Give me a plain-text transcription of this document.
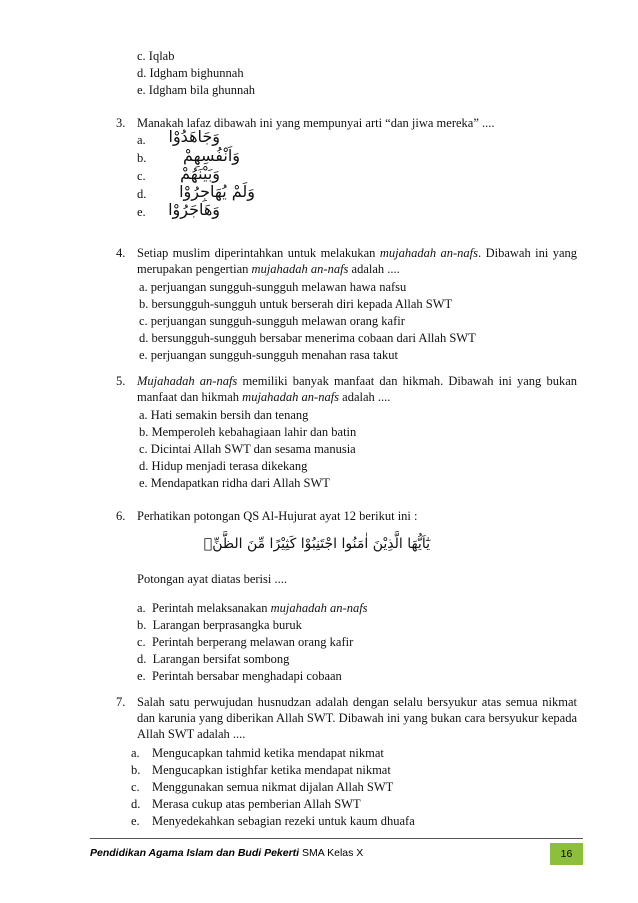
c. Iqlab
d. Idgham bighunnah
e. Idgham bila ghunnah
3. Manakah lafaz dibawah ini yang mempunyai arti “dan jiwa mereka” ....
a.	وَجَاهَدُوْا
b.	وَاَنْفُسِهِمْ
c.	وَبَيْنَهُمْ
d.	وَلَمْ يُهَاجِرُوْا
e.	وَهَاجَرُوْا
4. Setiap muslim diperintahkan untuk melakukan mujahadah an-nafs. Dibawah ini yang merupakan pengertian mujahadah an-nafs adalah ....
a. perjuangan sungguh-sungguh melawan hawa nafsu
b. bersungguh-sungguh untuk berserah diri kepada Allah SWT
c. perjuangan sungguh-sungguh melawan orang kafir
d. bersungguh-sungguh bersabar menerima cobaan dari Allah SWT
e. perjuangan sungguh-sungguh menahan rasa takut
5. Mujahadah an-nafs memiliki banyak manfaat dan hikmah. Dibawah ini yang bukan manfaat dan hikmah mujahadah an-nafs adalah ....
a. Hati semakin bersih dan tenang
b. Memperoleh kebahagiaan lahir dan batin
c. Dicintai Allah SWT dan sesama manusia
d. Hidup menjadi terasa dikekang
e. Mendapatkan ridha dari Allah SWT
6. Perhatikan potongan QS Al-Hujurat ayat 12 berikut ini :
يٰٓاَيُّهَا الَّذِيْنَ اٰمَنُوا اجْتَنِبُوْا كَثِيْرًا مِّنَ الظَّنِّۖ
Potongan ayat diatas berisi ....
a. Perintah melaksanakan mujahadah an-nafs
b. Larangan berprasangka buruk
c. Perintah berperang melawan orang kafir
d. Larangan bersifat sombong
e. Perintah bersabar menghadapi cobaan
7. Salah satu perwujudan husnudzan adalah dengan selalu bersyukur atas semua nikmat dan karunia yang diberikan Allah SWT. Dibawah ini yang bukan cara bersyukur kepada Allah SWT adalah ....
a. Mengucapkan tahmid ketika mendapat nikmat
b. Mengucapkan istighfar ketika mendapat nikmat
c. Menggunakan semua nikmat dijalan Allah SWT
d. Merasa cukup atas pemberian Allah SWT
e. Menyedekahkan sebagian rezeki untuk kaum dhuafa
Pendidikan Agama Islam dan Budi Pekerti SMA Kelas X	16
